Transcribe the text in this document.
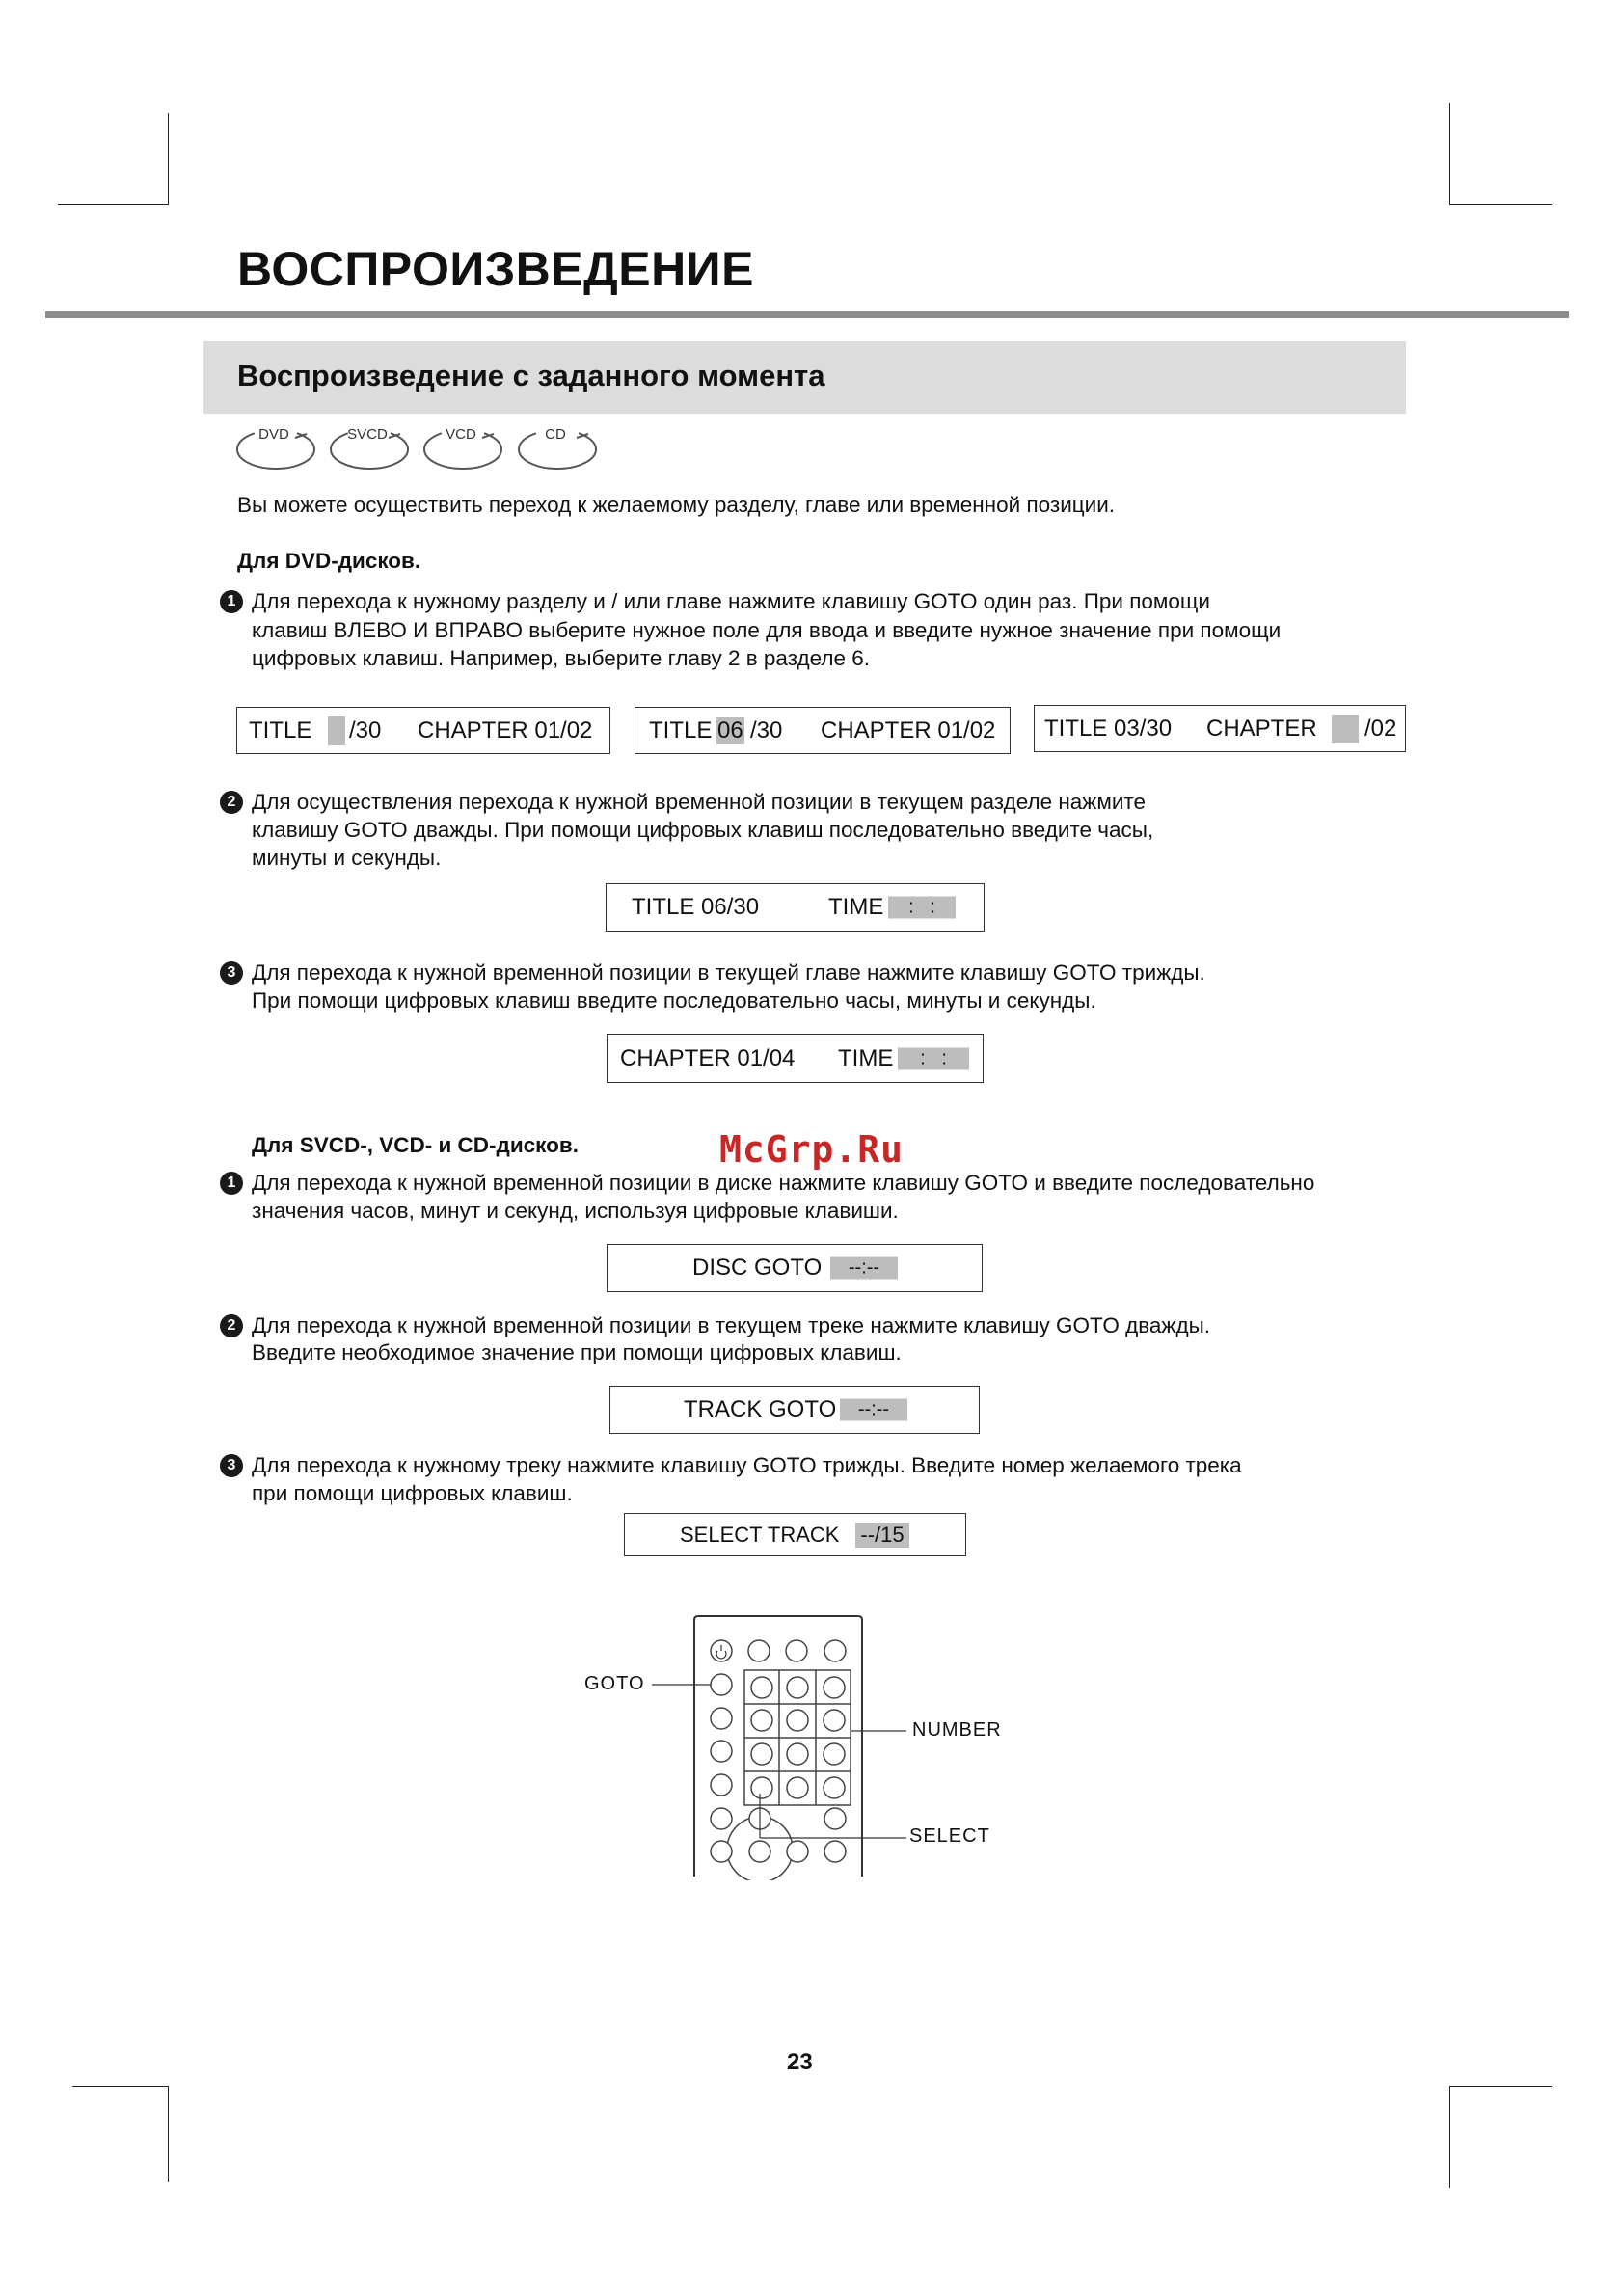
ВОСПРОИЗВЕДЕНИЕ
Воспроизведение с заданного момента
DVD	SVCD	VCD	CD
Вы можете осуществить переход к желаемому разделу, главе или временной позиции.
Для DVD-дисков.
1 Для перехода к нужному разделу и / или главе нажмите клавишу GOTO один раз. При помощи
клавиш ВЛЕВО И ВПРАВО выберите нужное поле для ввода и введите нужное значение при помощи
цифровых клавиш. Например, выберите главу 2 в разделе 6.
TITLE /30 CHAPTER 01/02 TITLE 06 /30 CHAPTER 01/02 TITLE 03/30 CHAPTER /02
2 Для осуществления перехода к нужной временной позиции в текущем разделе нажмите
клавишу GOTO дважды. При помощи цифровых клавиш последовательно введите часы,
минуты и секунды.
TITLE 06/30	TIME	:   :
3 Для перехода к нужной временной позиции в текущей главе нажмите клавишу GOTO трижды.
При помощи цифровых клавиш введите последовательно часы, минуты и секунды.
CHAPTER 01/04 TIME	:   :
McGrp.Ru
Для SVCD-, VCD- и CD-дисков.
1 Для перехода к нужной временной позиции в диске нажмите клавишу GOTO и введите последовательно
значения часов, минут и секунд, используя цифровые клавиши.
DISC GOTO	--:--
2 Для перехода к нужной временной позиции в текущем треке нажмите клавишу GOTO дважды.
Введите необходимое значение при помощи цифровых клавиш.
TRACK GOTO	--:--
3 Для перехода к нужному треку нажмите клавишу GOTO трижды. Введите номер желаемого трека
при помощи цифровых клавиш.
SELECT TRACK --/15
GOTO
NUMBER
SELECT
23
